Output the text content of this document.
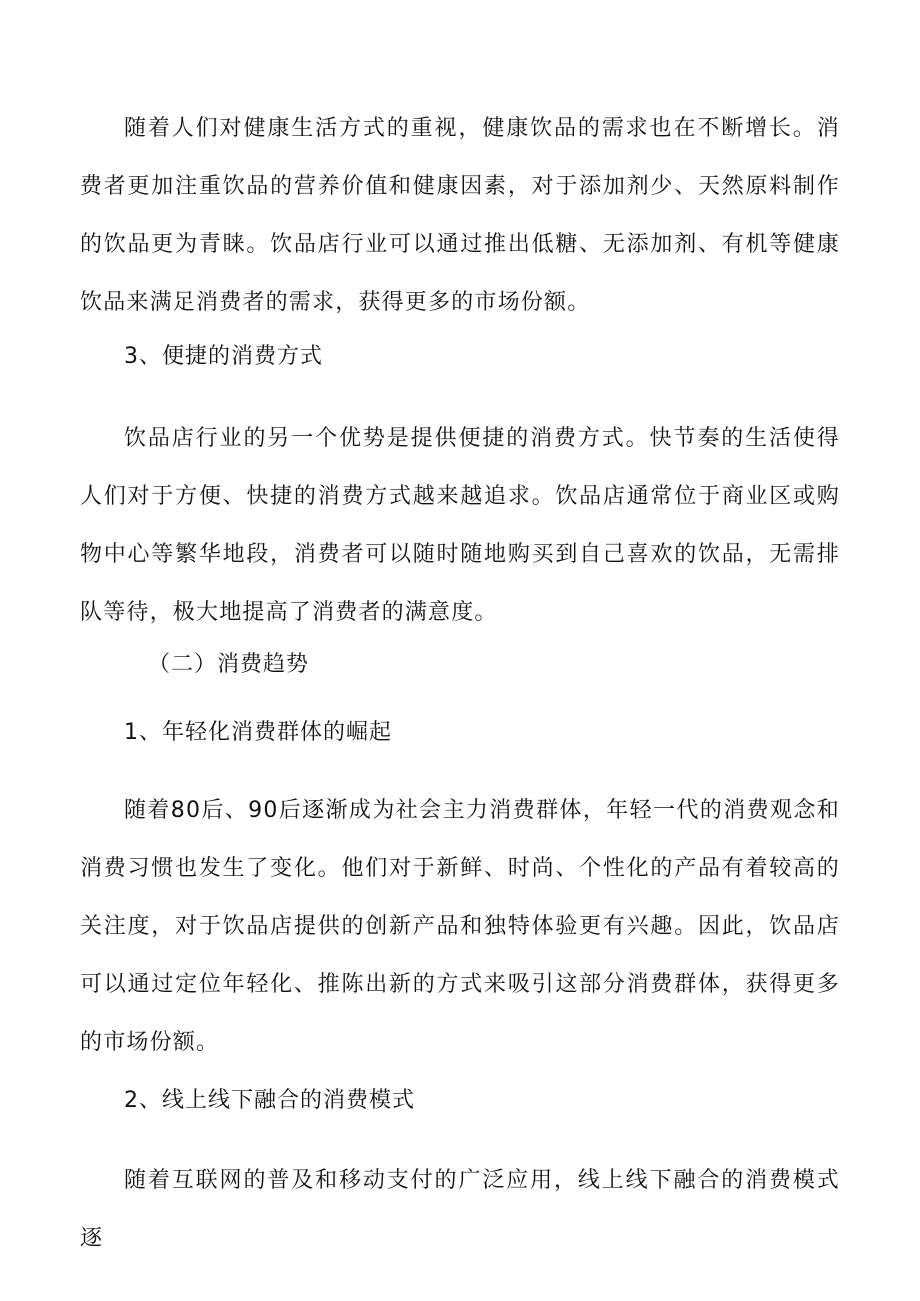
随着人们对健康生活方式的重视，健康饮品的需求也在不断增长。消费者更加注重饮品的营养价值和健康因素，对于添加剂少、天然原料制作的饮品更为青睐。饮品店行业可以通过推出低糖、无添加剂、有机等健康饮品来满足消费者的需求，获得更多的市场份额。

3、便捷的消费方式

饮品店行业的另一个优势是提供便捷的消费方式。快节奏的生活使得人们对于方便、快捷的消费方式越来越追求。饮品店通常位于商业区或购物中心等繁华地段，消费者可以随时随地购买到自己喜欢的饮品，无需排队等待，极大地提高了消费者的满意度。

（二）消费趋势

1、年轻化消费群体的崛起

随着80后、90后逐渐成为社会主力消费群体，年轻一代的消费观念和消费习惯也发生了变化。他们对于新鲜、时尚、个性化的产品有着较高的关注度，对于饮品店提供的创新产品和独特体验更有兴趣。因此，饮品店可以通过定位年轻化、推陈出新的方式来吸引这部分消费群体，获得更多的市场份额。

2、线上线下融合的消费模式

随着互联网的普及和移动支付的广泛应用，线上线下融合的消费模式逐
